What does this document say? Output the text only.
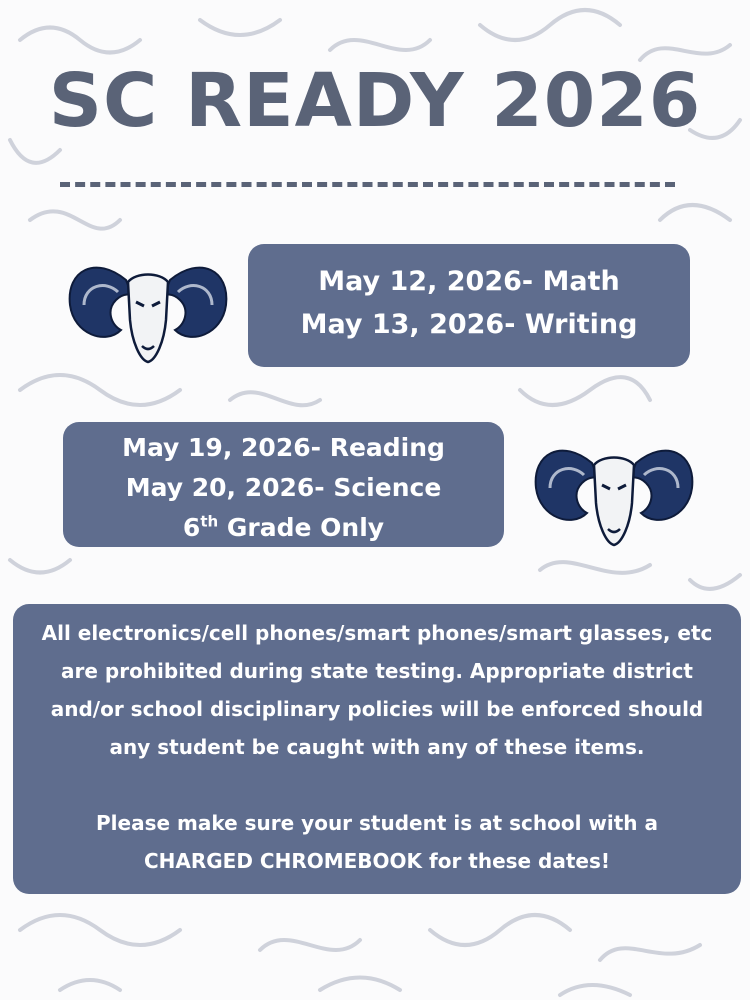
SC READY 2026
May 12, 2026- Math
May 13, 2026- Writing
May 19, 2026- Reading
May 20, 2026- Science
6th Grade Only

All electronics/cell phones/smart phones/smart glasses, etc are prohibited during state testing. Appropriate district and/or school disciplinary policies will be enforced should any student be caught with any of these items.

Please make sure your student is at school with a CHARGED CHROMEBOOK for these dates!
